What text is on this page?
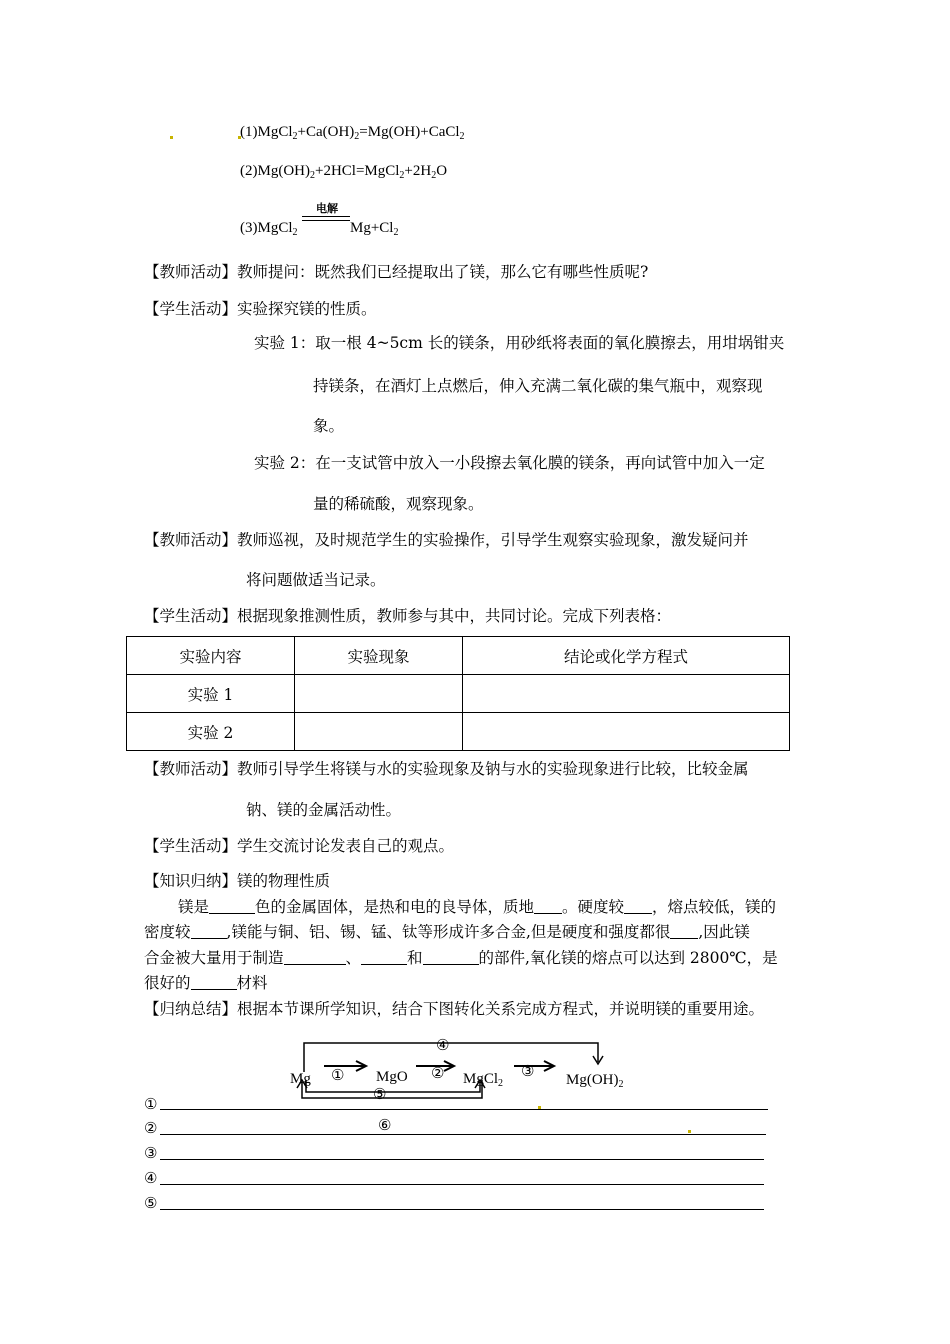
$(1)MgCl_2+Ca(OH)_2=Mg(OH)+CaCl_2$
$(2)Mg(OH)_2+2HCl=MgCl_2+2H_2O$
(3)MgCl$_2$
电解
$Mg+Cl_2$
【教师活动】教师提问：既然我们已经提取出了镁，那么它有哪些性质呢?
【学生活动】实验探究镁的性质。
实验 1：取一根 4~5cm 长的镁条，用砂纸将表面的氧化膜擦去，用坩埚钳夹
持镁条，在酒灯上点燃后，伸入充满二氧化碳的集气瓶中，观察现
象。
实验 2：在一支试管中放入一小段擦去氧化膜的镁条，再向试管中加入一定
量的稀硫酸，观察现象。
【教师活动】教师巡视，及时规范学生的实验操作，引导学生观察实验现象，激发疑问并
将问题做适当记录。
【学生活动】根据现象推测性质，教师参与其中，共同讨论。完成下列表格：
实验内容	实验现象	结论或化学方程式
实验 1		
实验 2		
【教师活动】教师引导学生将镁与水的实验现象及钠与水的实验现象进行比较，比较金属
钠、镁的金属活动性。
【学生活动】学生交流讨论发表自己的观点。
【知识归纳】镁的物理性质
镁是	色的金属固体，是热和电的良导体，质地 。硬度较 ，熔点较低，镁的
密度较 ,镁能与铜、铝、锡、锰、钛等形成许多合金,但是硬度和强度都很 ,因此镁
合金被大量用于制造	、	和	的部件,氧化镁的熔点可以达到 2800℃，是
很好的	材料
【归纳总结】根据本节课所学知识，结合下图转化关系完成方程式，并说明镁的重要用途。
Mg	MgO	MgCl$_2$	$Mg(OH)_2$
①	②	③
④
⑤
⑥
①
②
③
④
⑤
